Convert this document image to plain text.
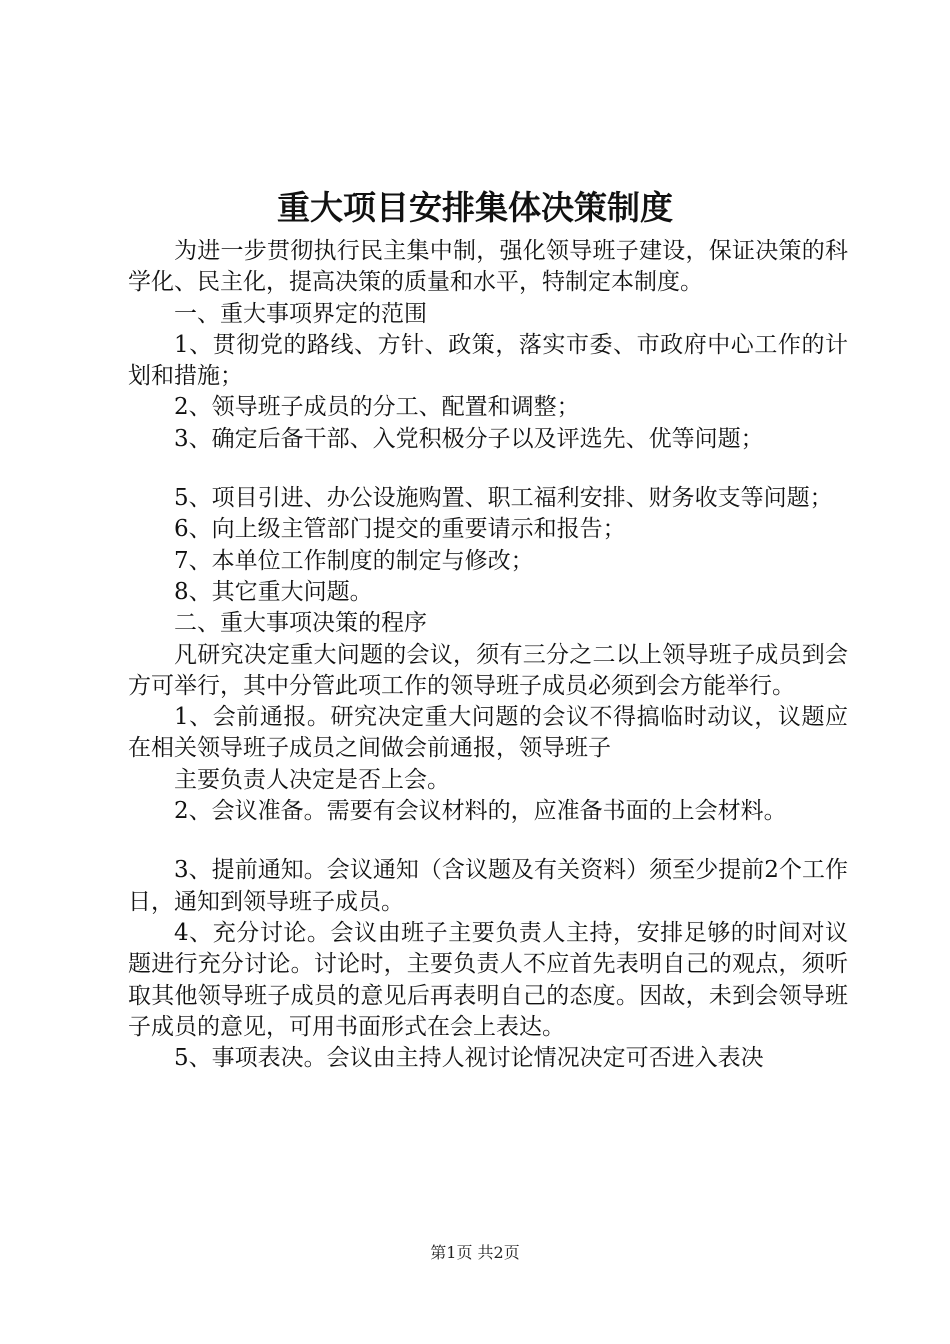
重大项目安排集体决策制度

为进一步贯彻执行民主集中制，强化领导班子建设，保证决策的科学化、民主化，提高决策的质量和水平，特制定本制度。

一、重大事项界定的范围

1、贯彻党的路线、方针、政策，落实市委、市政府中心工作的计划和措施；

2、领导班子成员的分工、配置和调整；

3、确定后备干部、入党积极分子以及评选先、优等问题；

5、项目引进、办公设施购置、职工福利安排、财务收支等问题；

6、向上级主管部门提交的重要请示和报告；

7、本单位工作制度的制定与修改；

8、其它重大问题。

二、重大事项决策的程序

凡研究决定重大问题的会议，须有三分之二以上领导班子成员到会方可举行，其中分管此项工作的领导班子成员必须到会方能举行。

1、会前通报。研究决定重大问题的会议不得搞临时动议，议题应在相关领导班子成员之间做会前通报，领导班子

主要负责人决定是否上会。

2、会议准备。需要有会议材料的，应准备书面的上会材料。

3、提前通知。会议通知（含议题及有关资料）须至少提前2个工作日，通知到领导班子成员。

4、充分讨论。会议由班子主要负责人主持，安排足够的时间对议题进行充分讨论。讨论时，主要负责人不应首先表明自己的观点，须听取其他领导班子成员的意见后再表明自己的态度。因故，未到会领导班子成员的意见，可用书面形式在会上表达。

5、事项表决。会议由主持人视讨论情况决定可否进入表决

第1页 共2页
